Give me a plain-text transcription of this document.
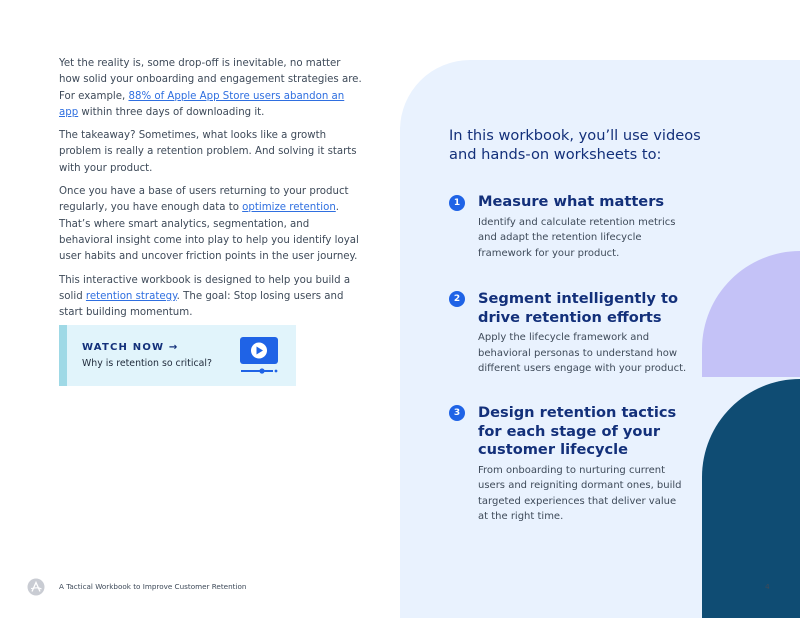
Yet the reality is, some drop-off is inevitable, no matter how solid your onboarding and engagement strategies are. For example, 88% of Apple App Store users abandon an app within three days of downloading it.

The takeaway? Sometimes, what looks like a growth problem is really a retention problem. And solving it starts with your product.

Once you have a base of users returning to your product regularly, you have enough data to optimize retention. That’s where smart analytics, segmentation, and behavioral insight come into play to help you identify loyal user habits and uncover friction points in the user journey.

This interactive workbook is designed to help you build a solid retention strategy. The goal: Stop losing users and start building momentum.

WATCH NOW →
Why is retention so critical?
In this workbook, you’ll use videos and hands-on worksheets to:
1	Measure what matters
Identify and calculate retention metrics and adapt the retention lifecycle framework for your product.
2	Segment intelligently to drive retention efforts
Apply the lifecycle framework and behavioral personas to understand how different users engage with your product.
3	Design retention tactics for each stage of your customer lifecycle
From onboarding to nurturing current users and reigniting dormant ones, build targeted experiences that deliver value at the right time.
A Tactical Workbook to Improve Customer Retention	4
